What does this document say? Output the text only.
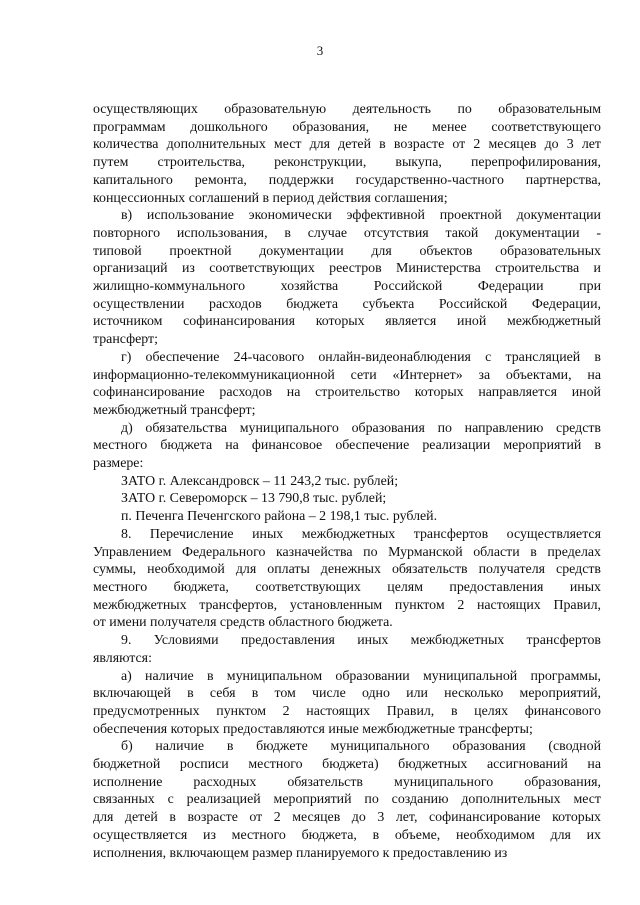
3
осуществляющих образовательную деятельность по образовательным
программам дошкольного образования, не менее соответствующего
количества дополнительных мест для детей в возрасте от 2 месяцев до 3 лет
путем строительства, реконструкции, выкупа, перепрофилирования,
капитального ремонта, поддержки государственно-частного партнерства,
концессионных соглашений в период действия соглашения;
в) использование экономически эффективной проектной документации
повторного использования, в случае отсутствия такой документации -
типовой проектной документации для объектов образовательных
организаций из соответствующих реестров Министерства строительства и
жилищно-коммунального хозяйства Российской Федерации при
осуществлении расходов бюджета субъекта Российской Федерации,
источником софинансирования которых является иной межбюджетный
трансферт;
г) обеспечение 24-часового онлайн-видеонаблюдения с трансляцией в
информационно-телекоммуникационной сети «Интернет» за объектами, на
софинансирование расходов на строительство которых направляется иной
межбюджетный трансферт;
д) обязательства муниципального образования по направлению средств
местного бюджета на финансовое обеспечение реализации мероприятий в
размере:
ЗАТО г. Александровск – 11 243,2 тыс. рублей;
ЗАТО г. Североморск – 13 790,8 тыс. рублей;
п. Печенга Печенгского района – 2 198,1 тыс. рублей.
8. Перечисление иных межбюджетных трансфертов осуществляется
Управлением Федерального казначейства по Мурманской области в пределах
суммы, необходимой для оплаты денежных обязательств получателя средств
местного бюджета, соответствующих целям предоставления иных
межбюджетных трансфертов, установленным пунктом 2 настоящих Правил,
от имени получателя средств областного бюджета.
9. Условиями предоставления иных межбюджетных трансфертов
являются:
а) наличие в муниципальном образовании муниципальной программы,
включающей в себя в том числе одно или несколько мероприятий,
предусмотренных пунктом 2 настоящих Правил, в целях финансового
обеспечения которых предоставляются иные межбюджетные трансферты;
б) наличие в бюджете муниципального образования (сводной
бюджетной росписи местного бюджета) бюджетных ассигнований на
исполнение расходных обязательств муниципального образования,
связанных с реализацией мероприятий по созданию дополнительных мест
для детей в возрасте от 2 месяцев до 3 лет, софинансирование которых
осуществляется из местного бюджета, в объеме, необходимом для их
исполнения, включающем размер планируемого к предоставлению из
